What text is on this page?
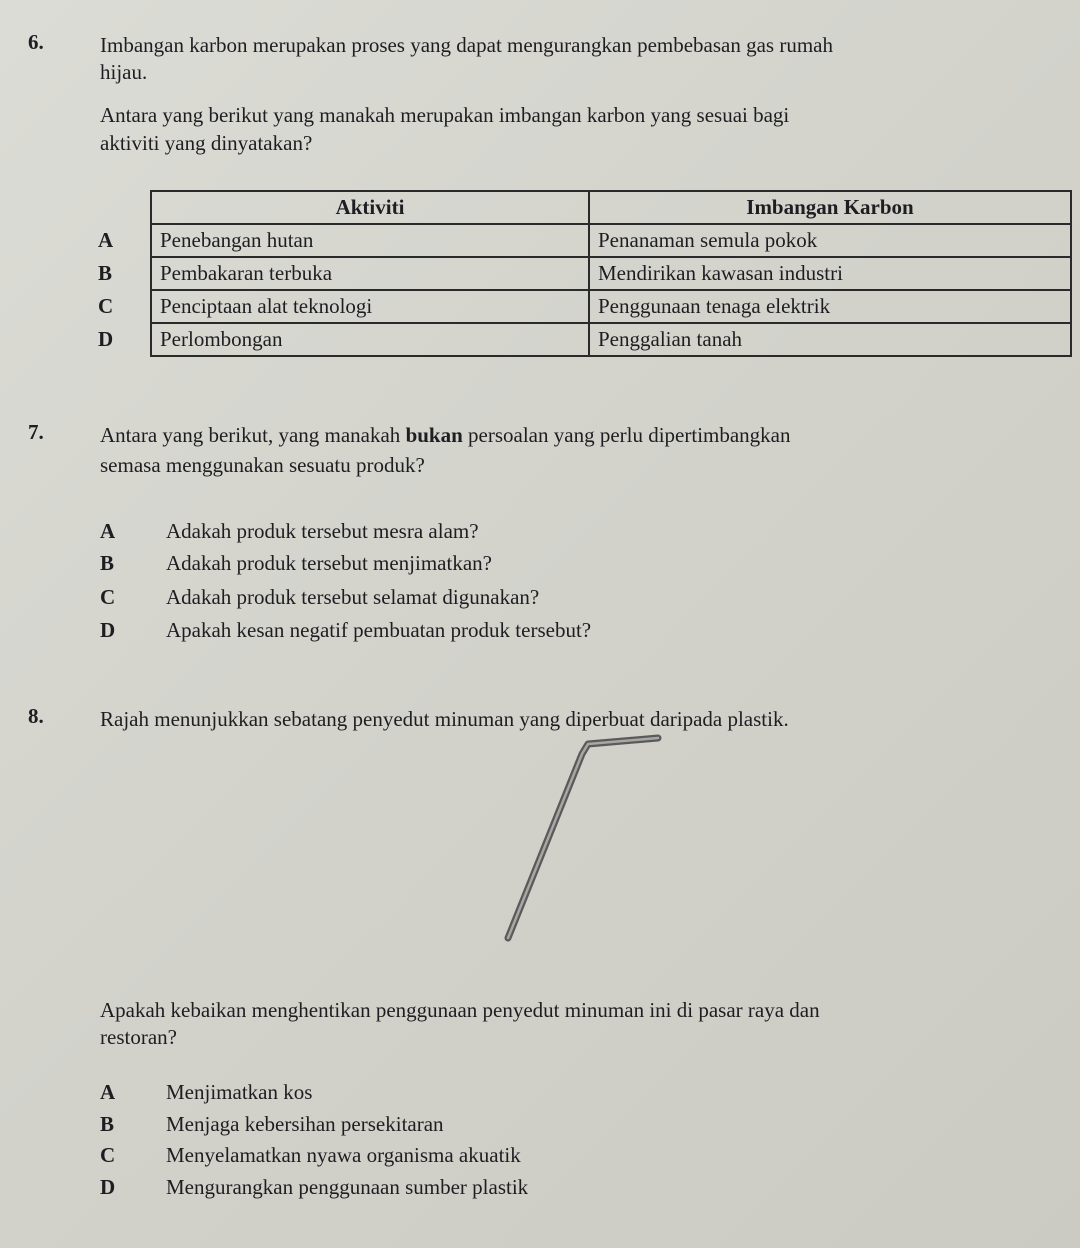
6.	Imbangan karbon merupakan proses yang dapat mengurangkan pembebasan gas rumah
hijau.
Antara yang berikut yang manakah merupakan imbangan karbon yang sesuai bagi
aktiviti yang dinyatakan?
	Aktiviti	Imbangan Karbon
A	Penebangan hutan	Penanaman semula pokok
B	Pembakaran terbuka	Mendirikan kawasan industri
C	Penciptaan alat teknologi	Penggunaan tenaga elektrik
D	Perlombongan	Penggalian tanah
7.	Antara yang berikut, yang manakah bukan persoalan yang perlu dipertimbangkan
semasa menggunakan sesuatu produk?
A	Adakah produk tersebut mesra alam?
B	Adakah produk tersebut menjimatkan?
C	Adakah produk tersebut selamat digunakan?
D	Apakah kesan negatif pembuatan produk tersebut?
8.	Rajah menunjukkan sebatang penyedut minuman yang diperbuat daripada plastik.
Apakah kebaikan menghentikan penggunaan penyedut minuman ini di pasar raya dan
restoran?
A	Menjimatkan kos
B	Menjaga kebersihan persekitaran
C	Menyelamatkan nyawa organisma akuatik
D	Mengurangkan penggunaan sumber plastik
